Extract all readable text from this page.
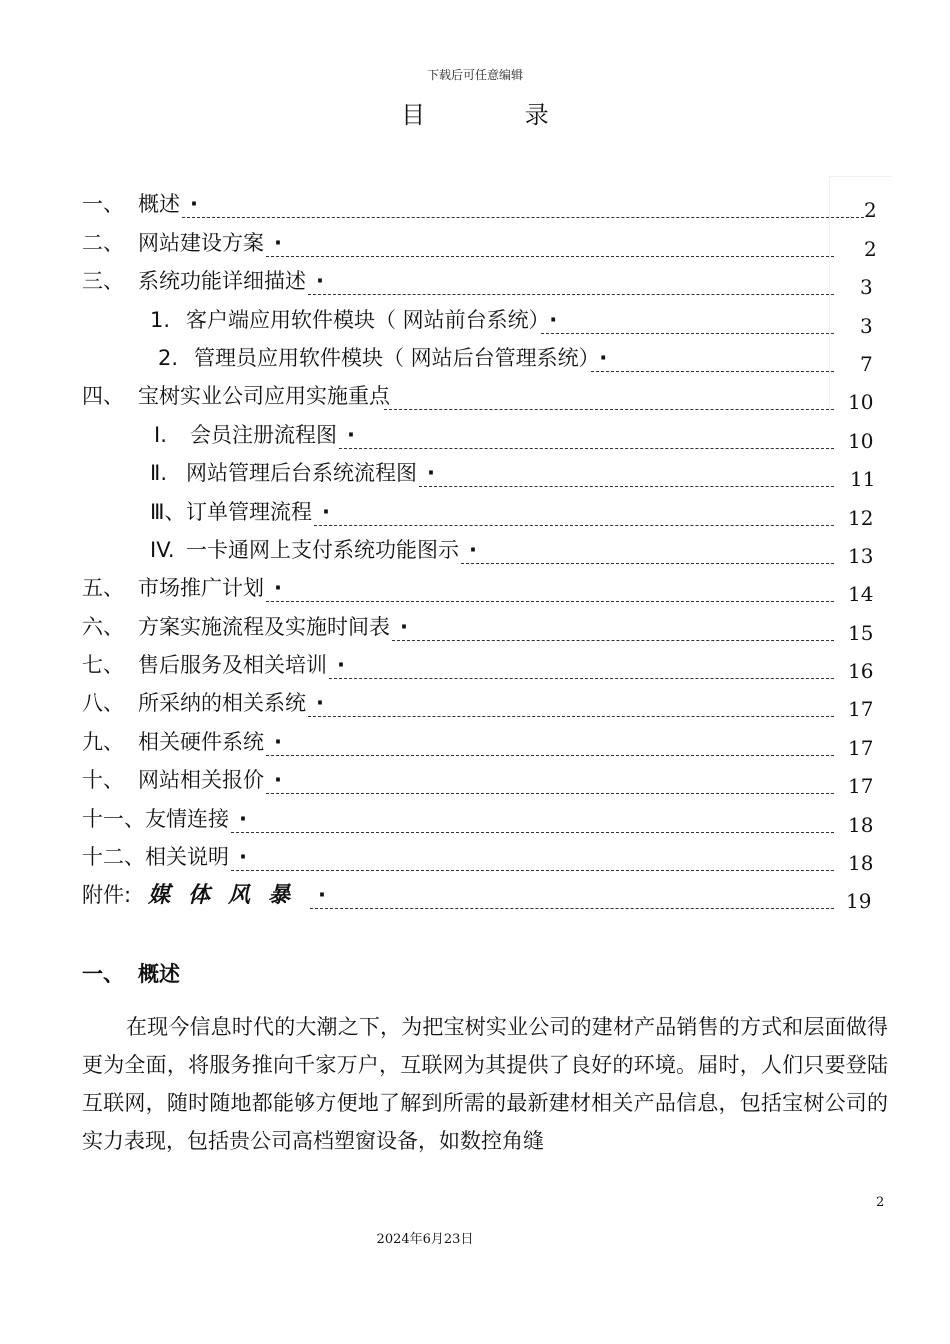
下载后可任意编辑
目 录
一、 概述 ·	2
二、 网站建设方案 ·	2
三、 系统功能详细描述 ·	3
1. 客户端应用软件模块（ 网站前台系统） ·	3
2. 管理员应用软件模块（ 网站后台管理系统） ·	7
四、 宝树实业公司应用实施重点	10
Ⅰ. 会员注册流程图 ·	10
Ⅱ. 网站管理后台系统流程图 ·	11
Ⅲ、订单管理流程 ·	12
ⅠV. 一卡通网上支付系统功能图示 ·	13
五、 市场推广计划 ·	14
六、 方案实施流程及实施时间表 ·	15
七、 售后服务及相关培训 ·	16
八、 所采纳的相关系统 ·	17
九、 相关硬件系统 ·	17
十、 网站相关报价 ·	17
十一、友情连接 ·	18
十二、相关说明 ·	18
附件: 媒体风暴 ·	19
一、 概述

在现今信息时代的大潮之下，为把宝树实业公司的建材产品销售的方式和层面做得更为全面，将服务推向千家万户，互联网为其提供了良好的环境。届时，人们只要登陆互联网，随时随地都能够方便地了解到所需的最新建材相关产品信息，包括宝树公司的实力表现，包括贵公司高档塑窗设备，如数控角缝

2
2024年6月23日
